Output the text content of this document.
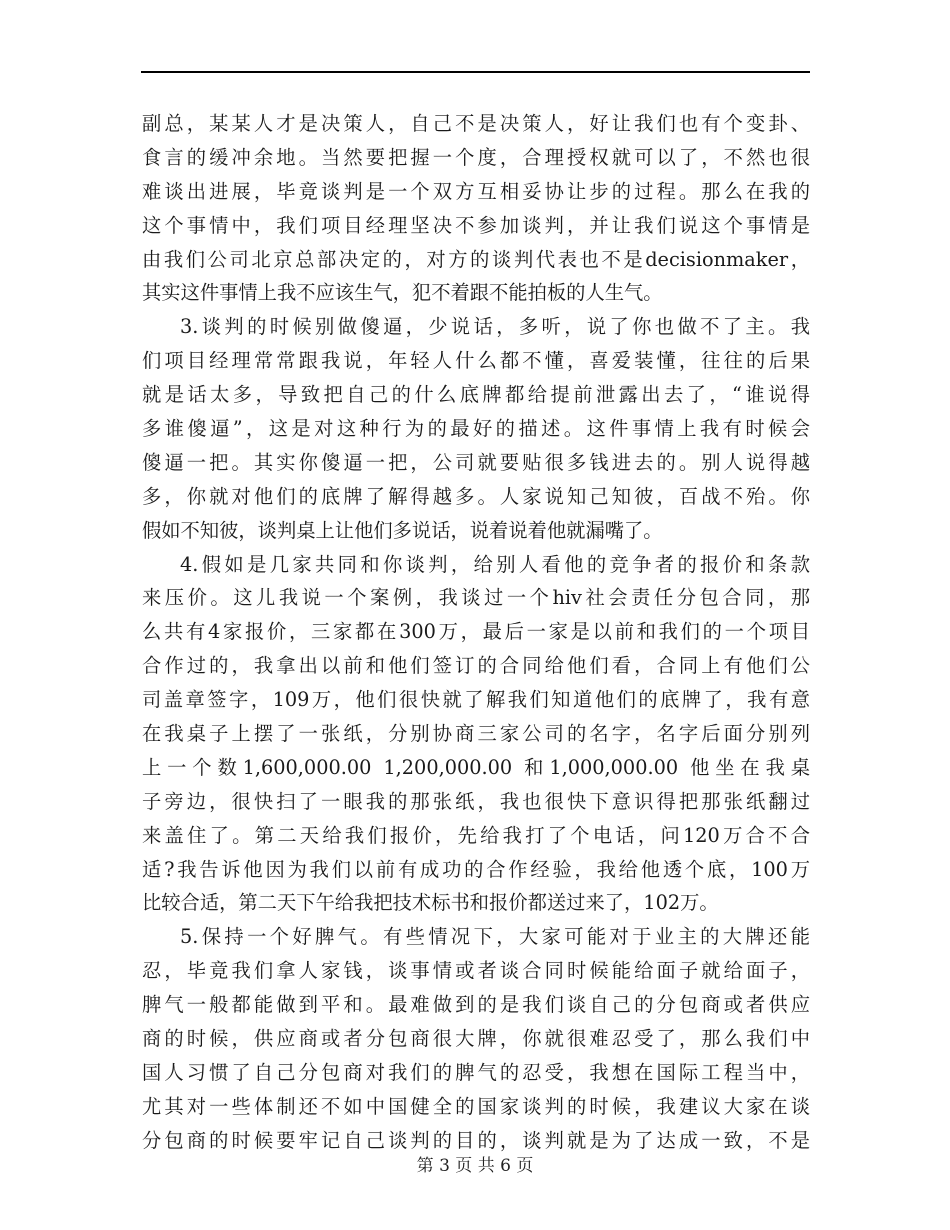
副总，某某人才是决策人，自己不是决策人，好让我们也有个变卦、
食言的缓冲余地。当然要把握一个度，合理授权就可以了，不然也很
难谈出进展，毕竟谈判是一个双方互相妥协让步的过程。那么在我的
这个事情中，我们项目经理坚决不参加谈判，并让我们说这个事情是
由我们公司北京总部决定的，对方的谈判代表也不是decisionmaker，
其实这件事情上我不应该生气，犯不着跟不能拍板的人生气。
3.谈判的时候别做傻逼，少说话，多听，说了你也做不了主。我
们项目经理常常跟我说，年轻人什么都不懂，喜爱装懂，往往的后果
就是话太多，导致把自己的什么底牌都给提前泄露出去了，“谁说得
多谁傻逼”，这是对这种行为的最好的描述。这件事情上我有时候会
傻逼一把。其实你傻逼一把，公司就要贴很多钱进去的。别人说得越
多，你就对他们的底牌了解得越多。人家说知己知彼，百战不殆。你
假如不知彼，谈判桌上让他们多说话，说着说着他就漏嘴了。
4.假如是几家共同和你谈判，给别人看他的竞争者的报价和条款
来压价。这儿我说一个案例，我谈过一个hiv社会责任分包合同，那
么共有4家报价，三家都在300万，最后一家是以前和我们的一个项目
合作过的，我拿出以前和他们签订的合同给他们看，合同上有他们公
司盖章签字，109万，他们很快就了解我们知道他们的底牌了，我有意
在我桌子上摆了一张纸，分别协商三家公司的名字，名字后面分别列
上一个数1,600,000.00 1,200,000.00 和1,000,000.00 他坐在我桌
子旁边，很快扫了一眼我的那张纸，我也很快下意识得把那张纸翻过
来盖住了。第二天给我们报价，先给我打了个电话，问120万合不合
适?我告诉他因为我们以前有成功的合作经验，我给他透个底，100万
比较合适，第二天下午给我把技术标书和报价都送过来了，102万。
5.保持一个好脾气。有些情况下，大家可能对于业主的大牌还能
忍，毕竟我们拿人家钱，谈事情或者谈合同时候能给面子就给面子，
脾气一般都能做到平和。最难做到的是我们谈自己的分包商或者供应
商的时候，供应商或者分包商很大牌，你就很难忍受了，那么我们中
国人习惯了自己分包商对我们的脾气的忍受，我想在国际工程当中，
尤其对一些体制还不如中国健全的国家谈判的时候，我建议大家在谈
分包商的时候要牢记自己谈判的目的，谈判就是为了达成一致，不是
第 3 页 共 6 页
